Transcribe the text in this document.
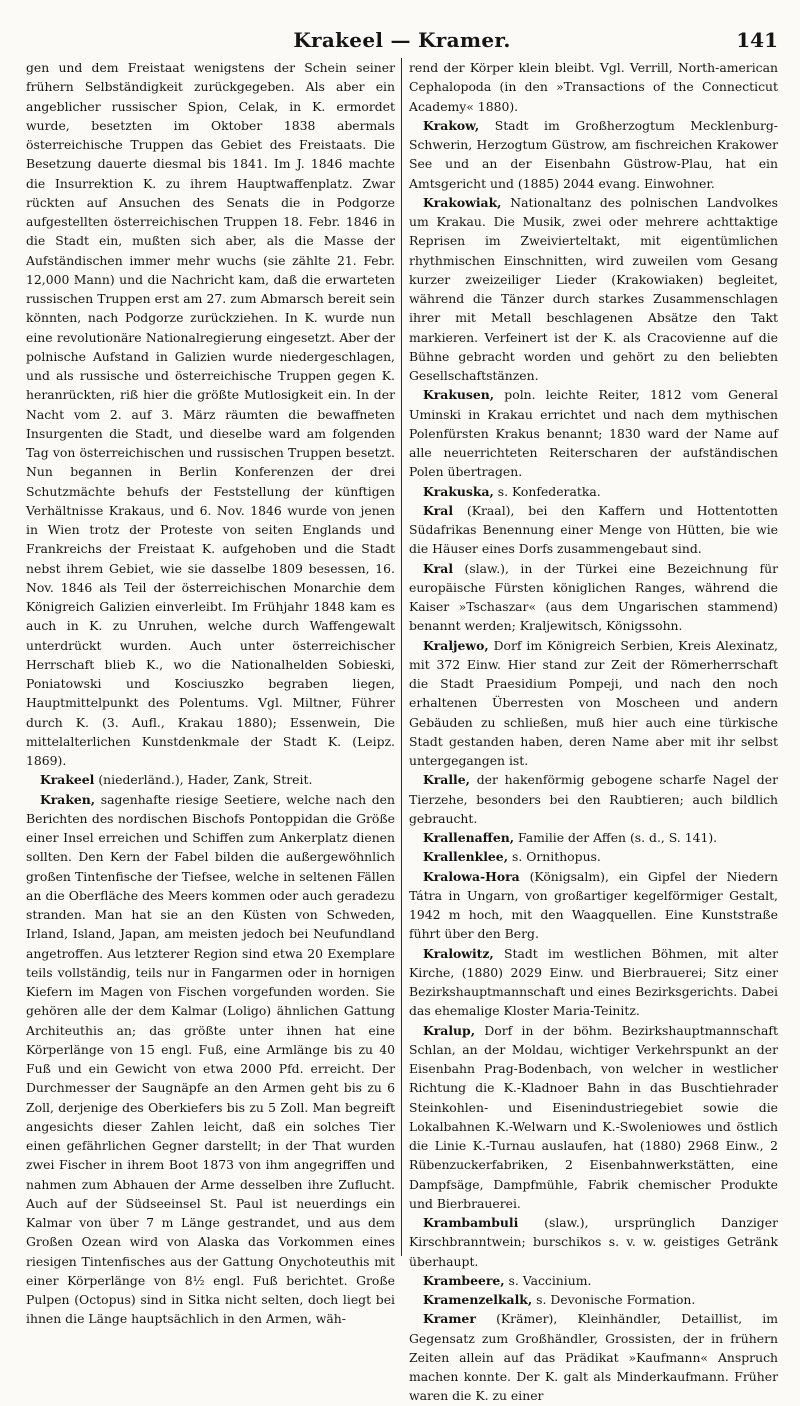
Krakeel — Kramer.	141

gen und dem Freistaat wenigstens der Schein seiner frühern Selbständigkeit zurückgegeben. Als aber ein angeblicher russischer Spion, Celak, in K. ermordet wurde, besetzten im Oktober 1838 abermals österreichische Truppen das Gebiet des Freistaats. Die Besetzung dauerte diesmal bis 1841. Im J. 1846 machte die Insurrektion K. zu ihrem Hauptwaffenplatz. Zwar rückten auf Ansuchen des Senats die in Podgorze aufgestellten österreichischen Truppen 18. Febr. 1846 in die Stadt ein, mußten sich aber, als die Masse der Aufständischen immer mehr wuchs (sie zählte 21. Febr. 12,000 Mann) und die Nachricht kam, daß die erwarteten russischen Truppen erst am 27. zum Abmarsch bereit sein könnten, nach Podgorze zurückziehen. In K. wurde nun eine revolutionäre Nationalregierung eingesetzt. Aber der polnische Aufstand in Galizien wurde niedergeschlagen, und als russische und österreichische Truppen gegen K. heranrückten, riß hier die größte Mutlosigkeit ein. In der Nacht vom 2. auf 3. März räumten die bewaffneten Insurgenten die Stadt, und dieselbe ward am folgenden Tag von österreichischen und russischen Truppen besetzt. Nun begannen in Berlin Konferenzen der drei Schutzmächte behufs der Feststellung der künftigen Verhältnisse Krakaus, und 6. Nov. 1846 wurde von jenen in Wien trotz der Proteste von seiten Englands und Frankreichs der Freistaat K. aufgehoben und die Stadt nebst ihrem Gebiet, wie sie dasselbe 1809 besessen, 16. Nov. 1846 als Teil der österreichischen Monarchie dem Königreich Galizien einverleibt. Im Frühjahr 1848 kam es auch in K. zu Unruhen, welche durch Waffengewalt unterdrückt wurden. Auch unter österreichischer Herrschaft blieb K., wo die Nationalhelden Sobieski, Poniatowski und Kosciuszko begraben liegen, Hauptmittelpunkt des Polentums. Vgl. Miltner, Führer durch K. (3. Aufl., Krakau 1880); Essenwein, Die mittelalterlichen Kunstdenkmale der Stadt K. (Leipz. 1869).

Krakeel (niederländ.), Hader, Zank, Streit.

Kraken, sagenhafte riesige Seetiere, welche nach den Berichten des nordischen Bischofs Pontoppidan die Größe einer Insel erreichen und Schiffen zum Ankerplatz dienen sollten. Den Kern der Fabel bilden die außergewöhnlich großen Tintenfische der Tiefsee, welche in seltenen Fällen an die Oberfläche des Meers kommen oder auch geradezu stranden. Man hat sie an den Küsten von Schweden, Irland, Island, Japan, am meisten jedoch bei Neufundland angetroffen. Aus letzterer Region sind etwa 20 Exemplare teils vollständig, teils nur in Fangarmen oder in hornigen Kiefern im Magen von Fischen vorgefunden worden. Sie gehören alle der dem Kalmar (Loligo) ähnlichen Gattung Architeuthis an; das größte unter ihnen hat eine Körperlänge von 15 engl. Fuß, eine Armlänge bis zu 40 Fuß und ein Gewicht von etwa 2000 Pfd. erreicht. Der Durchmesser der Saugnäpfe an den Armen geht bis zu 6 Zoll, derjenige des Oberkiefers bis zu 5 Zoll. Man begreift angesichts dieser Zahlen leicht, daß ein solches Tier einen gefährlichen Gegner darstellt; in der That wurden zwei Fischer in ihrem Boot 1873 von ihm angegriffen und nahmen zum Abhauen der Arme desselben ihre Zuflucht. Auch auf der Südseeinsel St. Paul ist neuerdings ein Kalmar von über 7 m Länge gestrandet, und aus dem Großen Ozean wird von Alaska das Vorkommen eines riesigen Tintenfisches aus der Gattung Onychoteuthis mit einer Körperlänge von 8½ engl. Fuß berichtet. Große Pulpen (Octopus) sind in Sitka nicht selten, doch liegt bei ihnen die Länge hauptsächlich in den Armen, wäh-

rend der Körper klein bleibt. Vgl. Verrill, North-american Cephalopoda (in den »Transactions of the Connecticut Academy« 1880).

Krakow, Stadt im Großherzogtum Mecklenburg-Schwerin, Herzogtum Güstrow, am fischreichen Krakower See und an der Eisenbahn Güstrow-Plau, hat ein Amtsgericht und (1885) 2044 evang. Einwohner.

Krakowiak, Nationaltanz des polnischen Landvolkes um Krakau. Die Musik, zwei oder mehrere achttaktige Reprisen im Zweivierteltakt, mit eigentümlichen rhythmischen Einschnitten, wird zuweilen vom Gesang kurzer zweizeiliger Lieder (Krakowiaken) begleitet, während die Tänzer durch starkes Zusammenschlagen ihrer mit Metall beschlagenen Absätze den Takt markieren. Verfeinert ist der K. als Cracovienne auf die Bühne gebracht worden und gehört zu den beliebten Gesellschaftstänzen.

Krakusen, poln. leichte Reiter, 1812 vom General Uminski in Krakau errichtet und nach dem mythischen Polenfürsten Krakus benannt; 1830 ward der Name auf alle neuerrichteten Reiterscharen der aufständischen Polen übertragen.

Krakuska, s. Konfederatka.

Kral (Kraal), bei den Kaffern und Hottentotten Südafrikas Benennung einer Menge von Hütten, bie wie die Häuser eines Dorfs zusammengebaut sind.

Kral (slaw.), in der Türkei eine Bezeichnung für europäische Fürsten königlichen Ranges, während die Kaiser »Tschaszar« (aus dem Ungarischen stammend) benannt werden; Kraljewitsch, Königssohn.

Kraljewo, Dorf im Königreich Serbien, Kreis Alexinatz, mit 372 Einw. Hier stand zur Zeit der Römerherrschaft die Stadt Praesidium Pompeji, und nach den noch erhaltenen Überresten von Moscheen und andern Gebäuden zu schließen, muß hier auch eine türkische Stadt gestanden haben, deren Name aber mit ihr selbst untergegangen ist.

Kralle, der hakenförmig gebogene scharfe Nagel der Tierzehe, besonders bei den Raubtieren; auch bildlich gebraucht.

Krallenaffen, Familie der Affen (s. d., S. 141).

Krallenklee, s. Ornithopus.

Kralowa-Hora (Königsalm), ein Gipfel der Niedern Tátra in Ungarn, von großartiger kegelförmiger Gestalt, 1942 m hoch, mit den Waagquellen. Eine Kunststraße führt über den Berg.

Kralowitz, Stadt im westlichen Böhmen, mit alter Kirche, (1880) 2029 Einw. und Bierbrauerei; Sitz einer Bezirkshauptmannschaft und eines Bezirksgerichts. Dabei das ehemalige Kloster Maria-Teinitz.

Kralup, Dorf in der böhm. Bezirkshauptmannschaft Schlan, an der Moldau, wichtiger Verkehrspunkt an der Eisenbahn Prag-Bodenbach, von welcher in westlicher Richtung die K.-Kladnoer Bahn in das Buschtiehrader Steinkohlen- und Eisenindustriegebiet sowie die Lokalbahnen K.-Welwarn und K.-Swoleniowes und östlich die Linie K.-Turnau auslaufen, hat (1880) 2968 Einw., 2 Rübenzuckerfabriken, 2 Eisenbahnwerkstätten, eine Dampfsäge, Dampfmühle, Fabrik chemischer Produkte und Bierbrauerei.

Krambambuli (slaw.), ursprünglich Danziger Kirschbranntwein; burschikos s. v. w. geistiges Getränk überhaupt.

Krambeere, s. Vaccinium.

Kramenzelkalk, s. Devonische Formation.

Kramer (Krämer), Kleinhändler, Detaillist, im Gegensatz zum Großhändler, Grossisten, der in frühern Zeiten allein auf das Prädikat »Kaufmann« Anspruch machen konnte. Der K. galt als Minderkaufmann. Früher waren die K. zu einer
